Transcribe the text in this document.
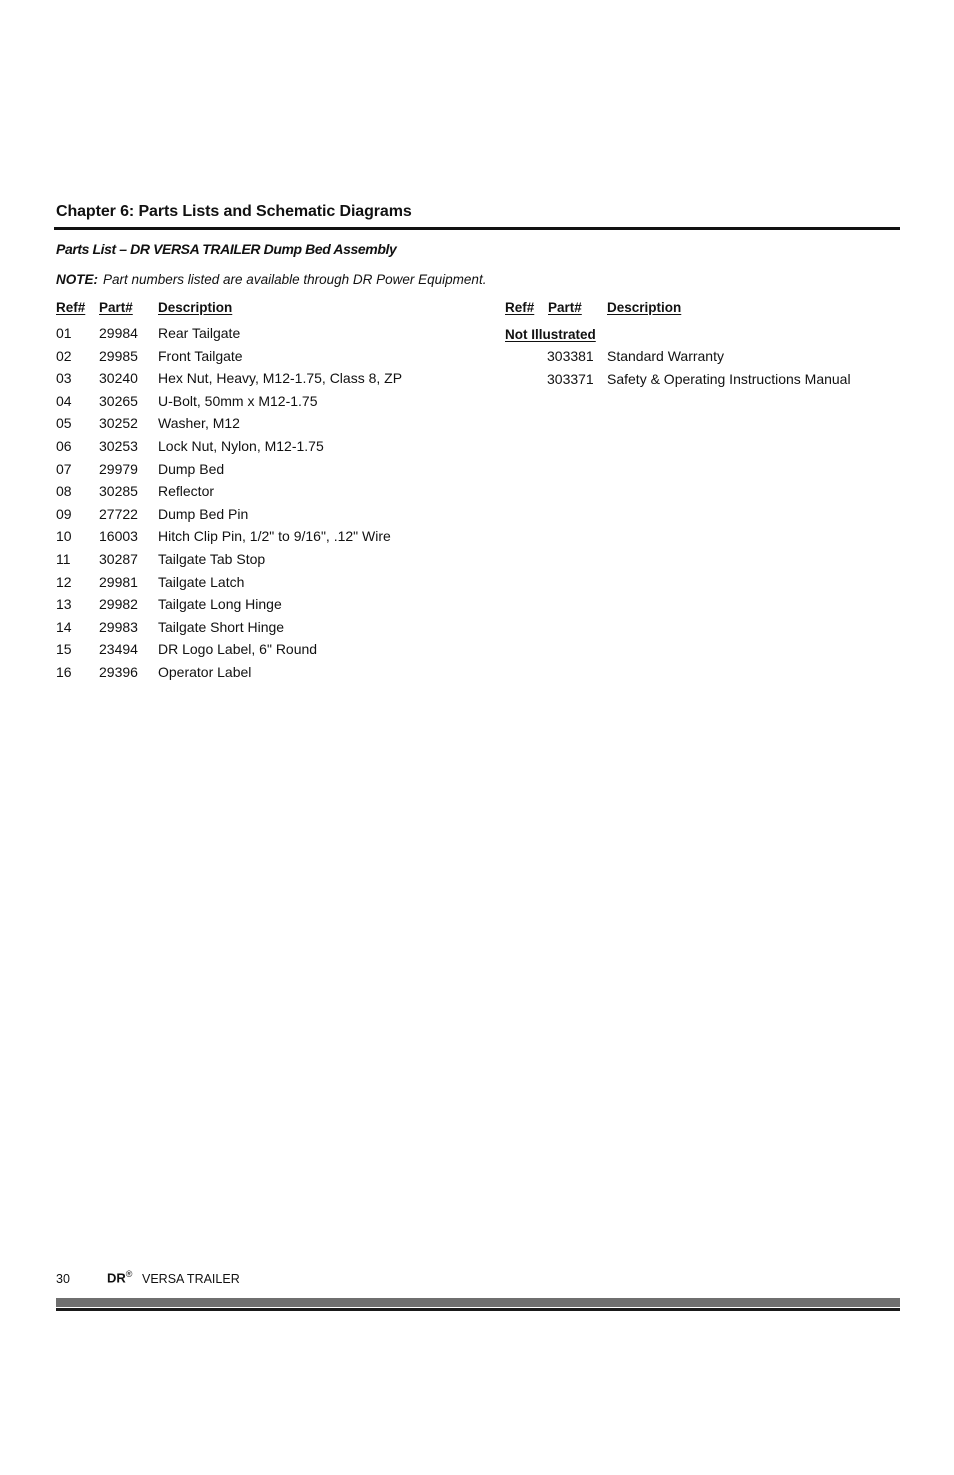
Chapter 6: Parts Lists and Schematic Diagrams
Parts List – DR VERSA TRAILER Dump Bed Assembly
NOTE: Part numbers listed are available through DR Power Equipment.
Ref# Part# Description	Ref# Part# Description
01 29984 Rear Tailgate
02 29985 Front Tailgate
03 30240 Hex Nut, Heavy, M12-1.75, Class 8, ZP
04 30265 U-Bolt, 50mm x M12-1.75
05 30252 Washer, M12
06 30253 Lock Nut, Nylon, M12-1.75
07 29979 Dump Bed
08 30285 Reflector
09 27722 Dump Bed Pin
10 16003 Hitch Clip Pin, 1/2" to 9/16", .12" Wire
11 30287 Tailgate Tab Stop
12 29981 Tailgate Latch
13 29982 Tailgate Long Hinge
14 29983 Tailgate Short Hinge
15 23494 DR Logo Label, 6" Round
16 29396 Operator Label
Not Illustrated
303381 Standard Warranty
303371 Safety & Operating Instructions Manual
30	DR® VERSA TRAILER
